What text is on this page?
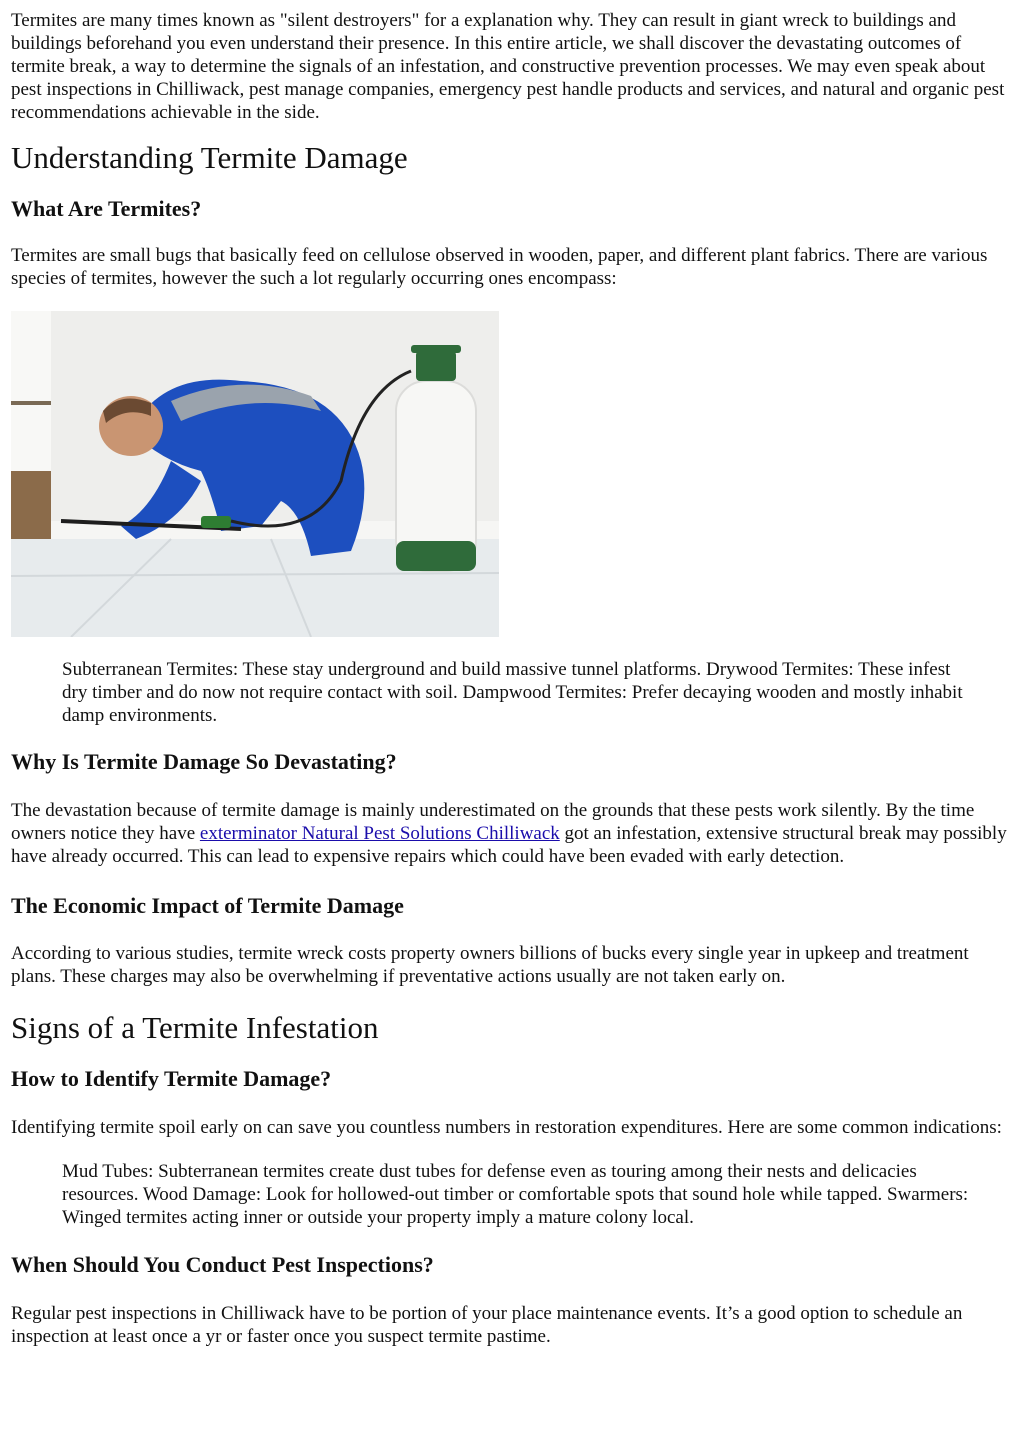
Termites are many times known as "silent destroyers" for a explanation why. They can result in giant wreck to buildings and buildings beforehand you even understand their presence. In this entire article, we shall discover the devastating outcomes of termite break, a way to determine the signals of an infestation, and constructive prevention processes. We may even speak about pest inspections in Chilliwack, pest manage companies, emergency pest handle products and services, and natural and organic pest recommendations achievable in the side.

Understanding Termite Damage
What Are Termites?

Termites are small bugs that basically feed on cellulose observed in wooden, paper, and different plant fabrics. There are various species of termites, however the such a lot regularly occurring ones encompass:

Subterranean Termites: These stay underground and build massive tunnel platforms. Drywood Termites: These infest dry timber and do now not require contact with soil. Dampwood Termites: Prefer decaying wooden and mostly inhabit damp environments.

Why Is Termite Damage So Devastating?

The devastation because of termite damage is mainly underestimated on the grounds that these pests work silently. By the time owners notice they have exterminator Natural Pest Solutions Chilliwack got an infestation, extensive structural break may possibly have already occurred. This can lead to expensive repairs which could have been evaded with early detection.

The Economic Impact of Termite Damage

According to various studies, termite wreck costs property owners billions of bucks every single year in upkeep and treatment plans. These charges may also be overwhelming if preventative actions usually are not taken early on.

Signs of a Termite Infestation
How to Identify Termite Damage?

Identifying termite spoil early on can save you countless numbers in restoration expenditures. Here are some common indications:

Mud Tubes: Subterranean termites create dust tubes for defense even as touring among their nests and delicacies resources. Wood Damage: Look for hollowed-out timber or comfortable spots that sound hole while tapped. Swarmers: Winged termites acting inner or outside your property imply a mature colony local.

When Should You Conduct Pest Inspections?

Regular pest inspections in Chilliwack have to be portion of your place maintenance events. It’s a good option to schedule an inspection at least once a yr or faster once you suspect termite pastime.
